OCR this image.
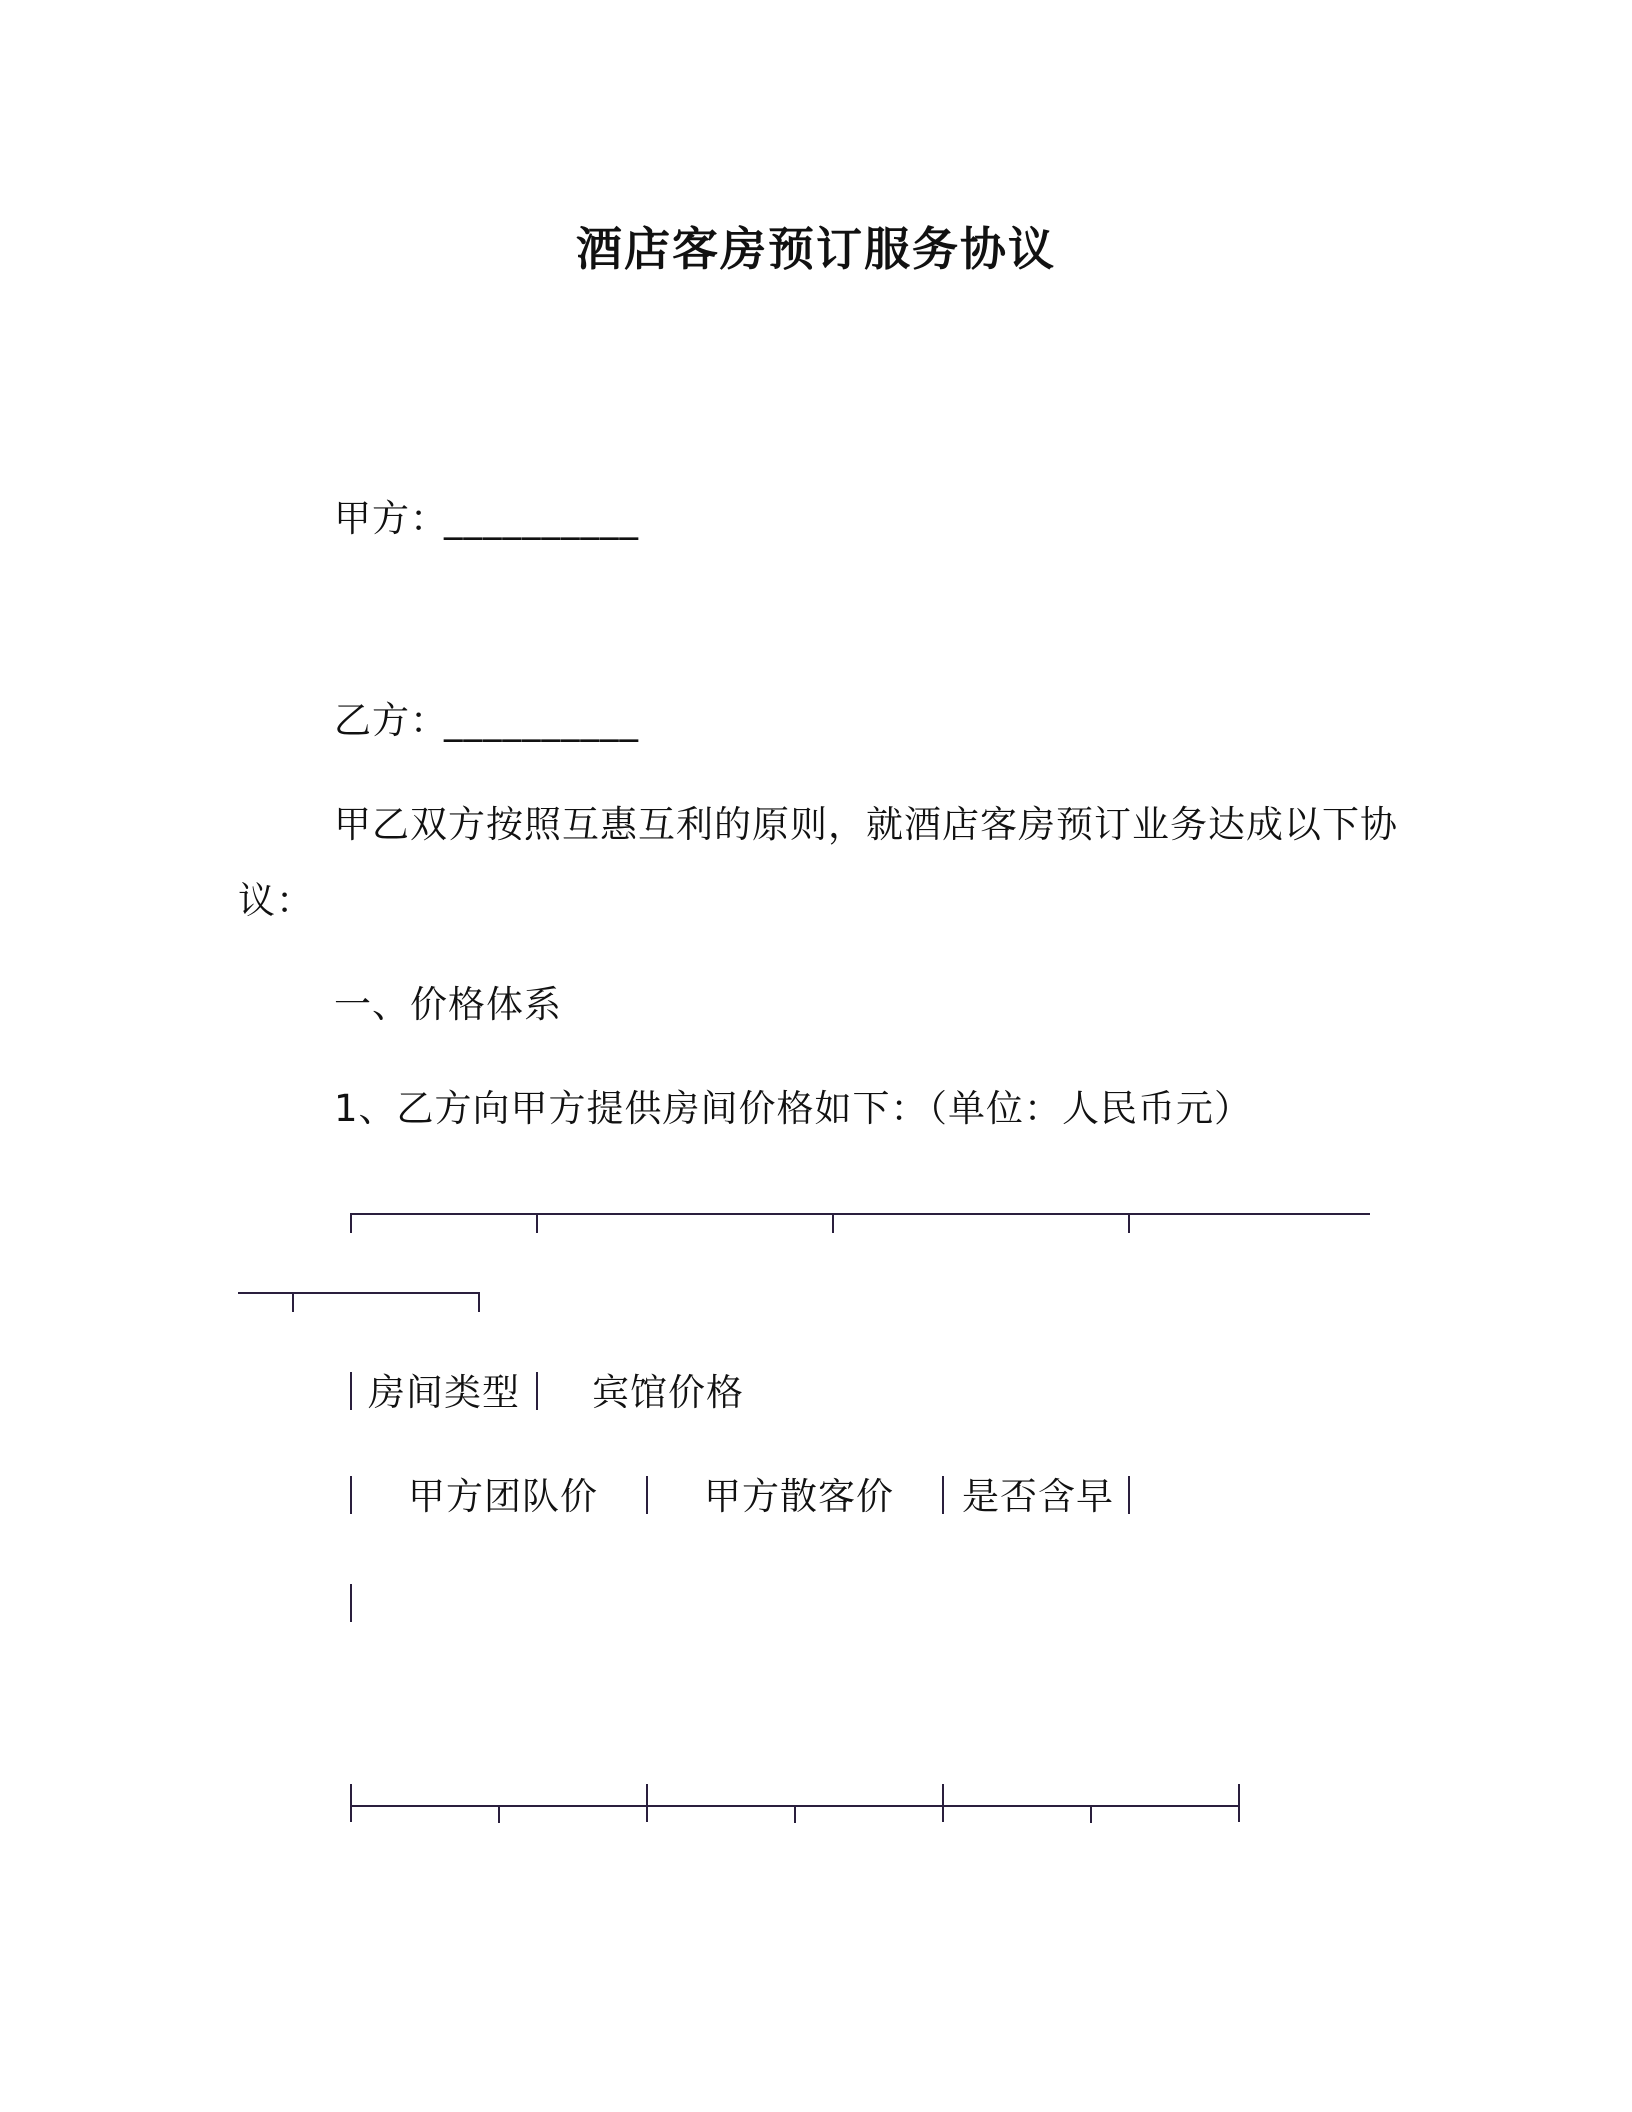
酒店客房预订服务协议
甲方：
__________
乙方：
__________
甲乙双方按照互惠互利的原则，就酒店客房预订业务达成以下协
议：
一、价格体系
1、乙方向甲方提供房间价格如下：（单位：人民币元）
房间类型 宾馆价格
甲方团队价	甲方散客价 是否含早
